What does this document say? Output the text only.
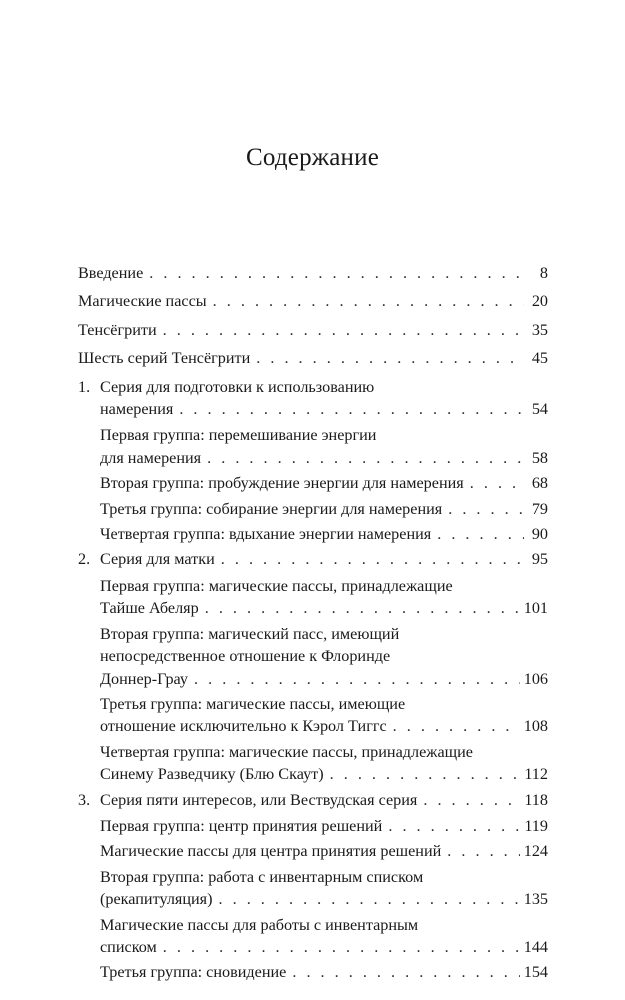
Содержание
Введение . . .	8
Магические пассы . . .	20
Тенсёгрити . . .	35
Шесть серий Тенсёгрити . . .	45
1. Серия для подготовки к использованию
намерения . . .	54
Первая группа: перемешивание энергии
для намерения . . .	58
Вторая группа: пробуждение энергии для намерения . . .	68
Третья группа: собирание энергии для намерения . . .	79
Четвертая группа: вдыхание энергии намерения . . .	90
2. Серия для матки . . .	95
Первая группа: магические пассы, принадлежащие
Тайше Абеляр . . .	101
Вторая группа: магический пасс, имеющий
непосредственное отношение к Флоринде
Доннер-Грау . . .	106
Третья группа: магические пассы, имеющие
отношение исключительно к Кэрол Тиггс . . .	108
Четвертая группа: магические пассы, принадлежащие
Синему Разведчику (Блю Скаут) . . .	112
3. Серия пяти интересов, или Вествудская серия . . .	118
Первая группа: центр принятия решений . . .	119
Магические пассы для центра принятия решений . . .	124
Вторая группа: работа с инвентарным списком
(рекапитуляция) . . .	135
Магические пассы для работы с инвентарным
списком . . .	144
Третья группа: сновидение . . .	154
